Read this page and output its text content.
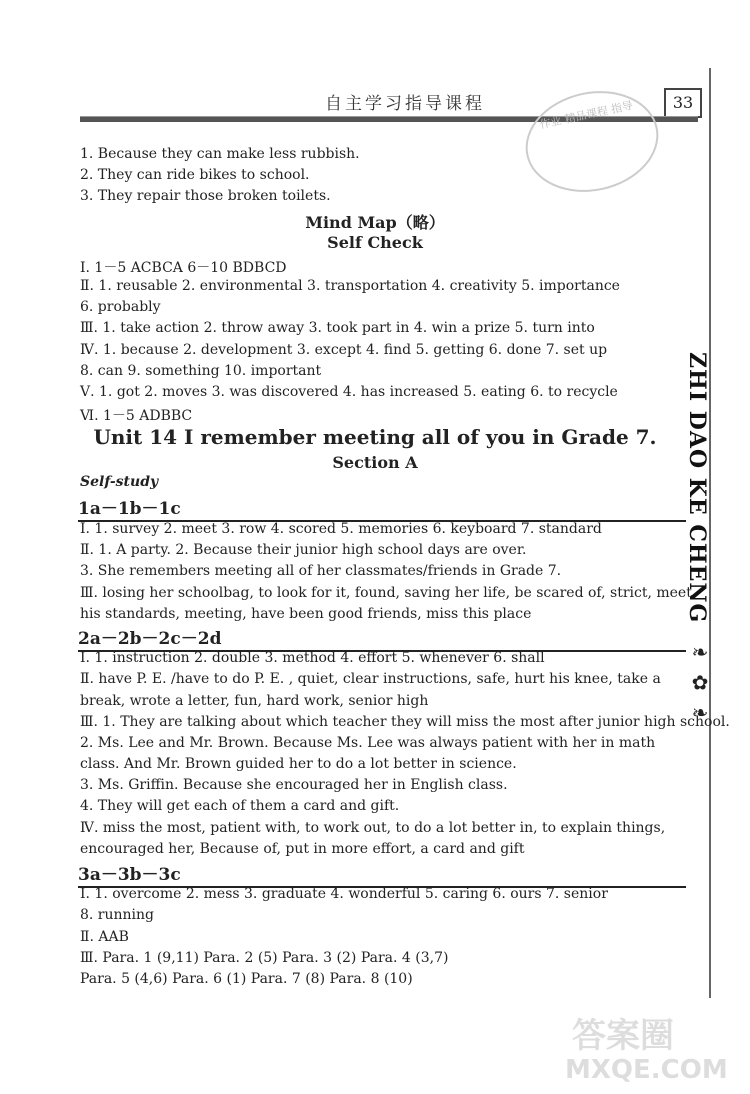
自主学习指导课程	33
作业 精品课程 指导
ZHI DAO KE CHENG
❧ ✿ ❧
1. Because they can make less rubbish.
2. They can ride bikes to school.
3. They repair those broken toilets.
Mind Map（略）
Self Check
Ⅰ. 1－5 ACBCA 6－10 BDBCD
Ⅱ. 1. reusable 2. environmental 3. transportation 4. creativity 5. importance
6. probably
Ⅲ. 1. take action 2. throw away 3. took part in 4. win a prize 5. turn into
Ⅳ. 1. because 2. development 3. except 4. find 5. getting 6. done 7. set up
8. can 9. something 10. important
Ⅴ. 1. got 2. moves 3. was discovered 4. has increased 5. eating 6. to recycle
Ⅵ. 1－5 ADBBC
Unit 14 I remember meeting all of you in Grade 7.
Section A
Self-study
1a－1b－1c
Ⅰ. 1. survey 2. meet 3. row 4. scored 5. memories 6. keyboard 7. standard
Ⅱ. 1. A party. 2. Because their junior high school days are over.
3. She remembers meeting all of her classmates/friends in Grade 7.
Ⅲ. losing her schoolbag, to look for it, found, saving her life, be scared of, strict, meet
his standards, meeting, have been good friends, miss this place
2a－2b－2c－2d
Ⅰ. 1. instruction 2. double 3. method 4. effort 5. whenever 6. shall
Ⅱ. have P. E. /have to do P. E. , quiet, clear instructions, safe, hurt his knee, take a
break, wrote a letter, fun, hard work, senior high
Ⅲ. 1. They are talking about which teacher they will miss the most after junior high school.
2. Ms. Lee and Mr. Brown. Because Ms. Lee was always patient with her in math
class. And Mr. Brown guided her to do a lot better in science.
3. Ms. Griffin. Because she encouraged her in English class.
4. They will get each of them a card and gift.
Ⅳ. miss the most, patient with, to work out, to do a lot better in, to explain things,
encouraged her, Because of, put in more effort, a card and gift
3a－3b－3c
Ⅰ. 1. overcome 2. mess 3. graduate 4. wonderful 5. caring 6. ours 7. senior
8. running
Ⅱ. AAB
Ⅲ. Para. 1 (9,11) Para. 2 (5) Para. 3 (2) Para. 4 (3,7)
Para. 5 (4,6) Para. 6 (1) Para. 7 (8) Para. 8 (10)
答案圈
MXQE.COM
